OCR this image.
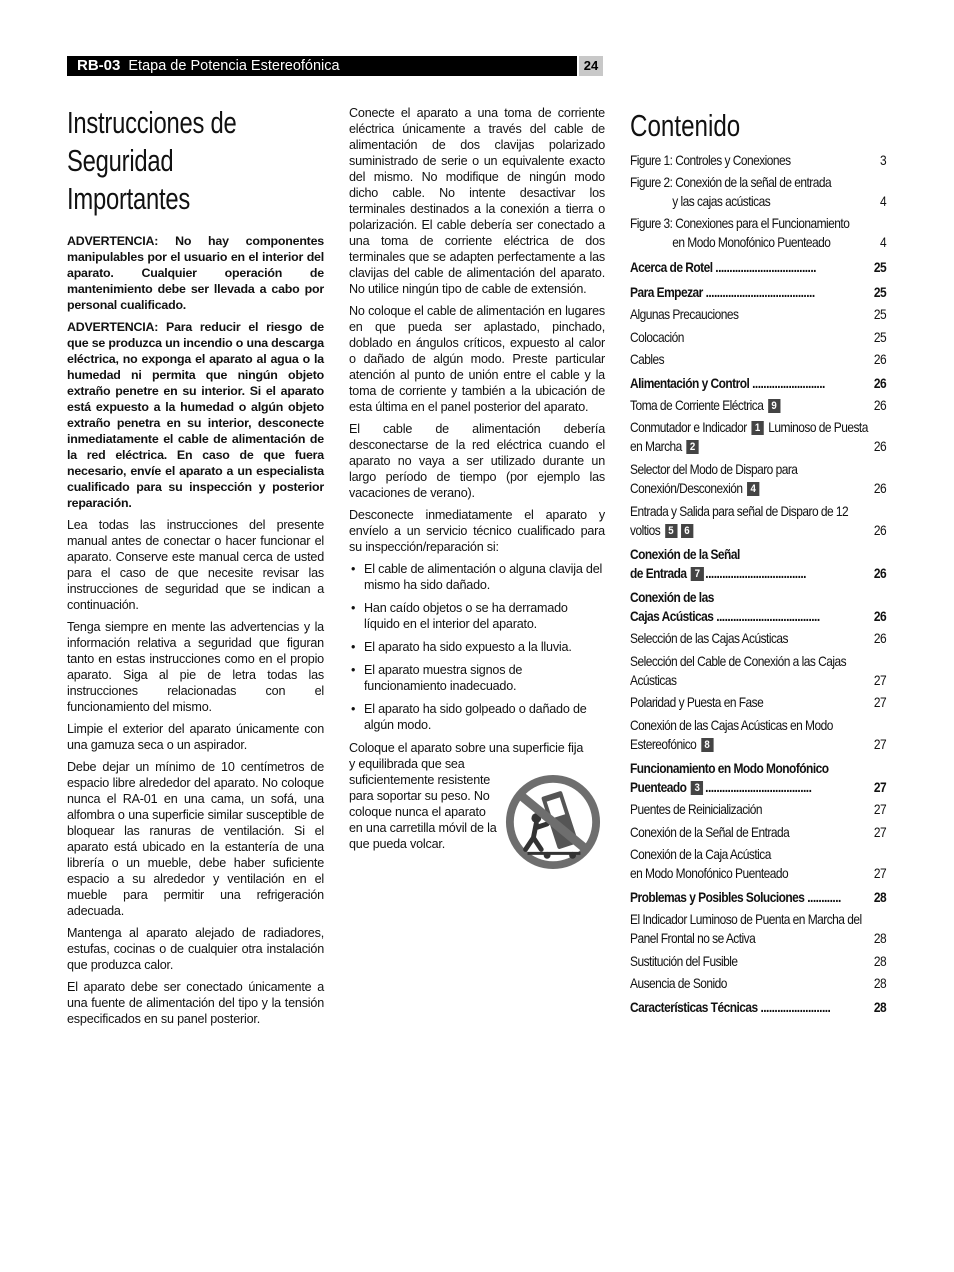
RB-03 Etapa de Potencia Estereofónica	24
Instrucciones de Seguridad
Importantes

ADVERTENCIA: No hay componentes manipulables por el usuario en el interior del aparato. Cualquier operación de mantenimiento debe ser llevada a cabo por personal cualificado.

ADVERTENCIA: Para reducir el riesgo de que se produzca un incendio o una descarga eléctrica, no exponga el aparato al agua o la humedad ni permita que ningún objeto extraño penetre en su interior. Si el aparato está expuesto a la humedad o algún objeto extraño penetra en su interior, desconecte inmediatamente el cable de alimentación de la red eléctrica. En caso de que fuera necesario, envíe el aparato a un especialista cualificado para su inspección y posterior reparación.

Lea todas las instrucciones del presente manual antes de conectar o hacer funcionar el aparato. Conserve este manual cerca de usted para el caso de que necesite revisar las instrucciones de seguridad que se indican a continuación.

Tenga siempre en mente las advertencias y la información relativa a seguridad que figuran tanto en estas instrucciones como en el propio aparato. Siga al pie de letra todas las instrucciones relacionadas con el funcionamiento del mismo.

Limpie el exterior del aparato únicamente con una gamuza seca o un aspirador.

Debe dejar un mínimo de 10 centímetros de espacio libre alrededor del aparato. No coloque nunca el RA-01 en una cama, un sofá, una alfombra o una superficie similar susceptible de bloquear las ranuras de ventilación. Si el aparato está ubicado en la estantería de una librería o un mueble, debe haber suficiente espacio a su alrededor y ventilación en el mueble para permitir una refrigeración adecuada.

Mantenga al aparato alejado de radiadores, estufas, cocinas o de cualquier otra instalación que produzca calor.

El aparato debe ser conectado únicamente a una fuente de alimentación del tipo y la tensión especificados en su panel posterior.

Conecte el aparato a una toma de corriente eléctrica únicamente a través del cable de alimentación de dos clavijas polarizado suministrado de serie o un equivalente exacto del mismo. No modifique de ningún modo dicho cable. No intente desactivar los terminales destinados a la conexión a tierra o polarización. El cable debería ser conectado a una toma de corriente eléctrica de dos terminales que se adapten perfectamente a las clavijas del cable de alimentación del aparato. No utilice ningún tipo de cable de extensión.

No coloque el cable de alimentación en lugares en que pueda ser aplastado, pinchado, doblado en ángulos críticos, expuesto al calor o dañado de algún modo. Preste particular atención al punto de unión entre el cable y la toma de corriente y también a la ubicación de esta última en el panel posterior del aparato.

El cable de alimentación debería desconectarse de la red eléctrica cuando el aparato no vaya a ser utilizado durante un largo período de tiempo (por ejemplo las vacaciones de verano).

Desconecte inmediatamente el aparato y envíelo a un servicio técnico cualificado para su inspección/reparación si:

• El cable de alimentación o alguna clavija del mismo ha sido dañado.
• Han caído objetos o se ha derramado líquido en el interior del aparato.
• El aparato ha sido expuesto a la lluvia.
• El aparato muestra signos de funcionamiento inadecuado.
• El aparato ha sido golpeado o dañado de algún modo.

Coloque el aparato sobre una superficie fija

y equilibrada que sea suficientemente resistente para soportar su peso. No coloque nunca el aparato en una carretilla móvil de la que pueda volcar.
Contenido
Figure 1: Controles y Conexiones	3
Figure 2: Conexión de la señal de entrada
y las cajas acústicas	4
Figure 3: Conexiones para el Funcionamiento
en Modo Monofónico Puenteado	4
Acerca de Rotel ....................................	25
Para Empezar .......................................	25
Algunas Precauciones	25
Colocación	25
Cables	26
Alimentación y Control ..........................	26
Toma de Corriente Eléctrica 9	26
Conmutador e Indicador 1 Luminoso de Puesta
en Marcha 2	26
Selector del Modo de Disparo para
Conexión/Desconexión 4	26
Entrada y Salida para señal de Disparo de 12
voltios 5 6	26
Conexión de la Señal
de Entrada 7 ....................................	26
Conexión de las
Cajas Acústicas .....................................	26
Selección de las Cajas Acústicas	26
Selección del Cable de Conexión a las Cajas
Acústicas	27
Polaridad y Puesta en Fase	27
Conexión de las Cajas Acústicas en Modo
Estereofónico 8	27
Funcionamiento en Modo Monofónico
Puenteado 3 ......................................	27
Puentes de Reinicialización	27
Conexión de la Señal de Entrada	27
Conexión de la Caja Acústica
en Modo Monofónico Puenteado	27
Problemas y Posibles Soluciones ............ 28
El Indicador Luminoso de Puenta en Marcha del
Panel Frontal no se Activa	28
Sustitución del Fusible	28
Ausencia de Sonido	28
Características Técnicas .........................	28
